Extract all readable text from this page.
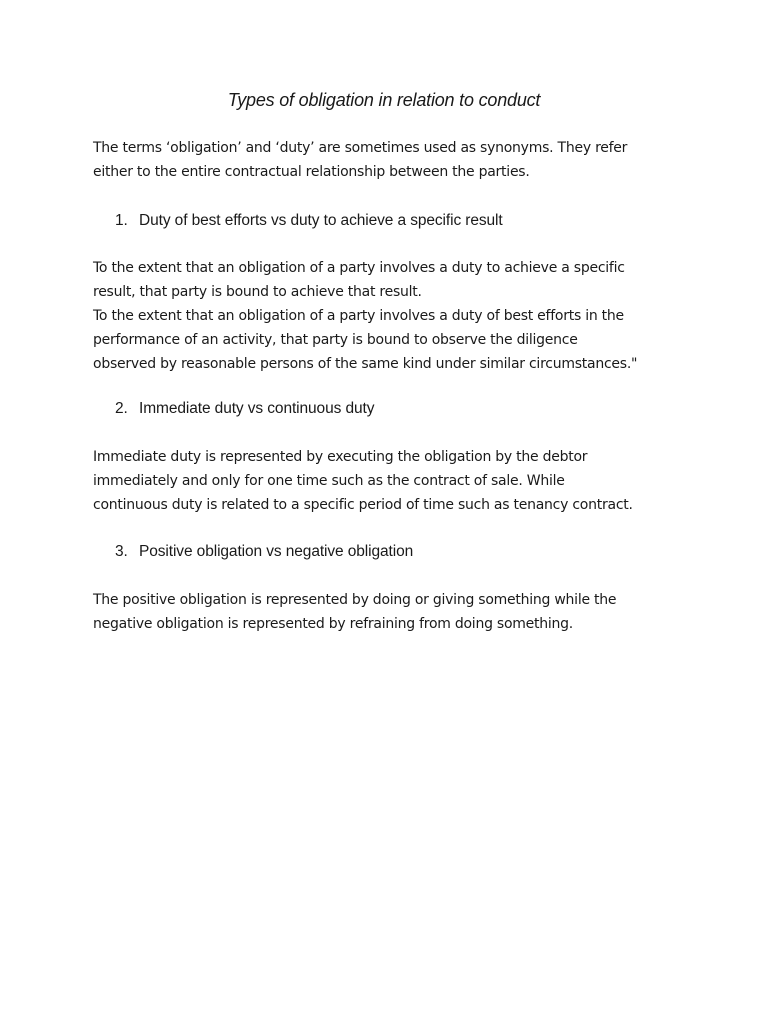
Types of obligation in relation to conduct
The terms ‘obligation’ and ‘duty’ are sometimes used as synonyms. They refer
either to the entire contractual relationship between the parties.
1. Duty of best efforts vs duty to achieve a specific result
To the extent that an obligation of a party involves a duty to achieve a specific
result, that party is bound to achieve that result.
To the extent that an obligation of a party involves a duty of best efforts in the
performance of an activity, that party is bound to observe the diligence
observed by reasonable persons of the same kind under similar circumstances."
2. Immediate duty vs continuous duty
Immediate duty is represented by executing the obligation by the debtor
immediately and only for one time such as the contract of sale. While
continuous duty is related to a specific period of time such as tenancy contract.
3. Positive obligation vs negative obligation
The positive obligation is represented by doing or giving something while the
negative obligation is represented by refraining from doing something.
